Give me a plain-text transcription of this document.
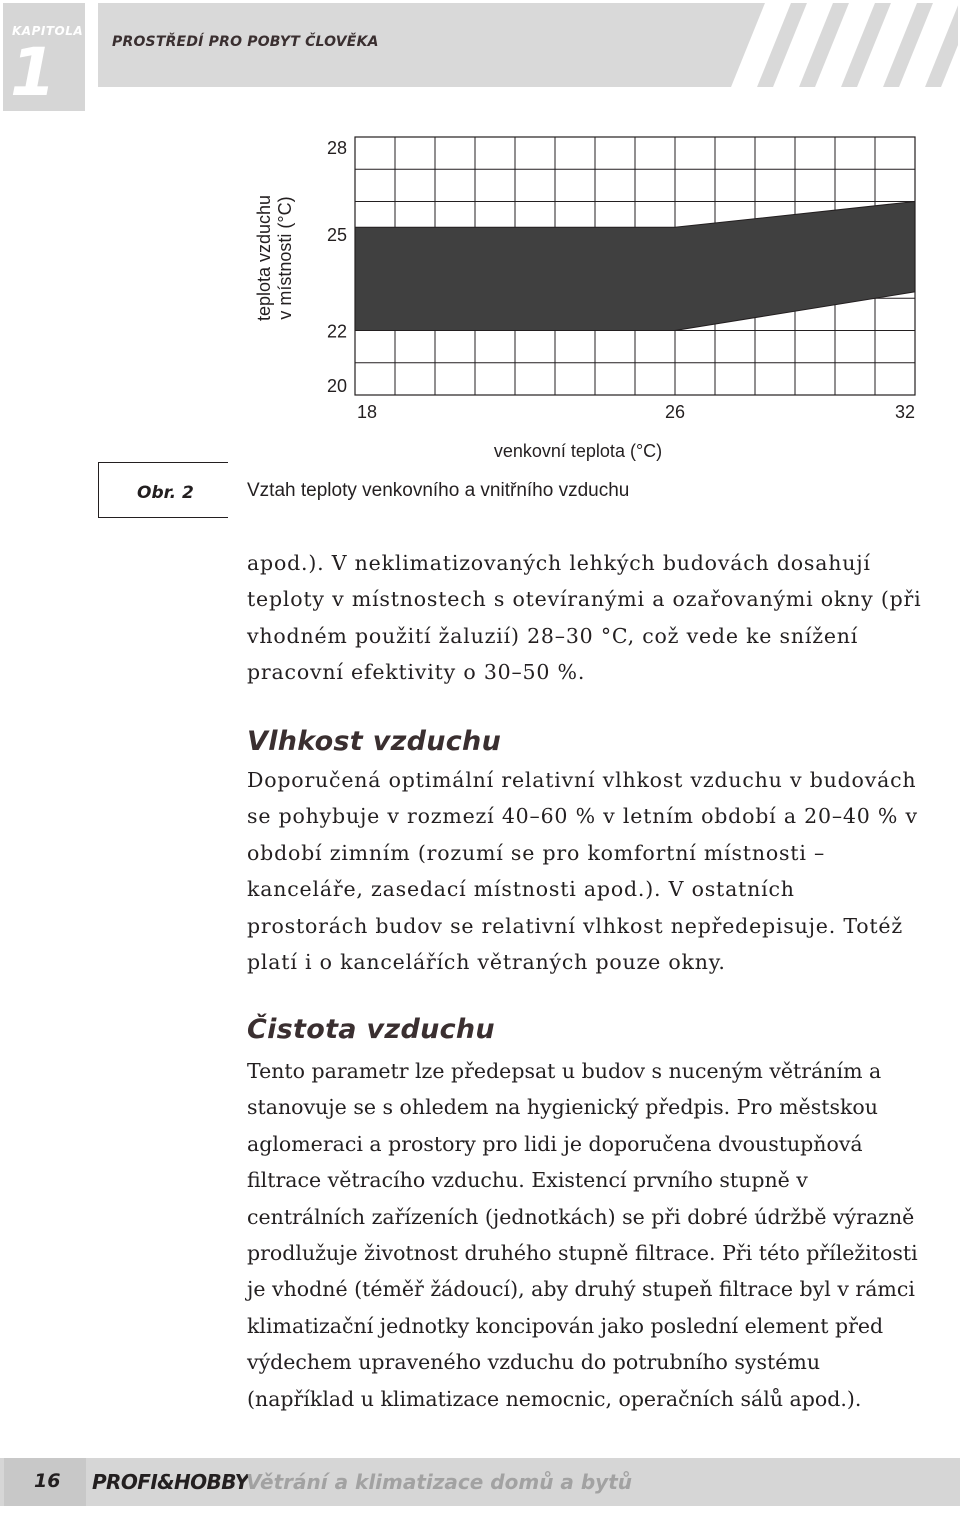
KAPITOLA
1	PROSTŘEDÍ PRO POBYT ČLOVĚKA
20
22
25
28
18	26	32
teplota vzduchu v místnosti (°C)
venkovní teplota (°C)
Obr. 2	Vztah teploty venkovního a vnitřního vzduchu

apod.). V neklimatizovaných lehkých budovách dosahují teploty v místnostech s otevíranými a ozařovanými okny (při vhodném použití žaluzií) 28–30 °C, což vede ke snížení pracovní efektivity o 30–50 %.

Vlhkost vzduchu

Doporučená optimální relativní vlhkost vzduchu v budovách se pohybuje v rozmezí 40–60 % v letním období a 20–40 % v období zimním (rozumí se pro komfortní místnosti – kanceláře, zasedací místnosti apod.). V ostatních prostorách budov se relativní vlhkost nepředepisuje. Totéž platí i o kancelářích větraných pouze okny.

Čistota vzduchu

Tento parametr lze předepsat u budov s nuceným větráním a stanovuje se s ohledem na hygienický předpis. Pro městskou aglomeraci a prostory pro lidi je doporučena dvoustupňová filtrace větracího vzduchu. Existencí prvního stupně v centrálních zařízeních (jednotkách) se při dobré údržbě výrazně prodlužuje životnost druhého stupně filtrace. Při této příležitosti je vhodné (téměř žádoucí), aby druhý stupeň filtrace byl v rámci klimatizační jednotky koncipován jako poslední element před výdechem upraveného vzduchu do potrubního systému (například u klimatizace nemocnic, operačních sálů apod.).

16 PROFI&HOBBY
Větrání a klimatizace domů a bytů
